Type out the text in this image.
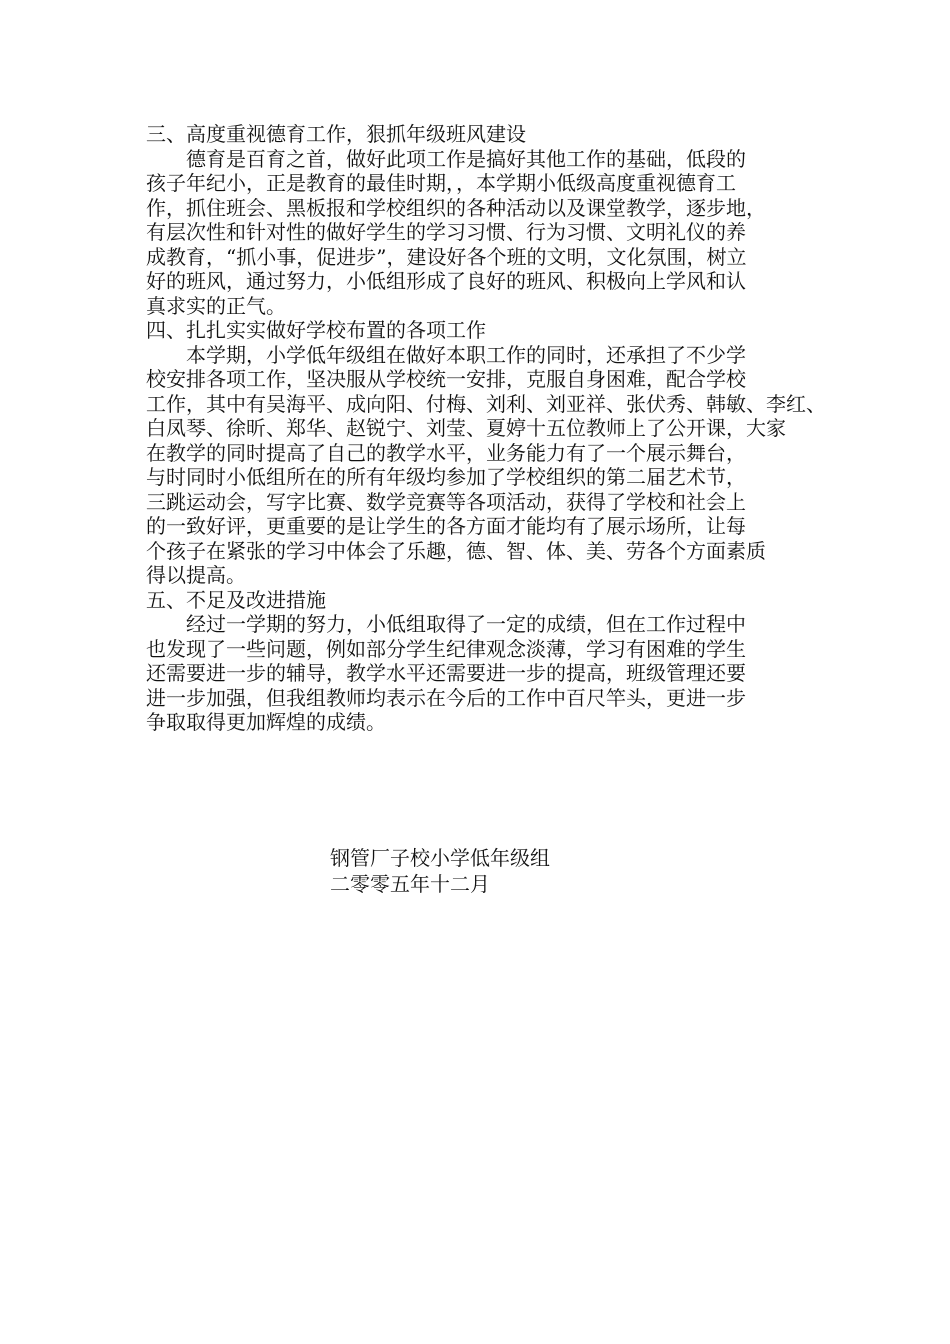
三、高度重视德育工作，狠抓年级班风建设
德育是百育之首，做好此项工作是搞好其他工作的基础，低段的
孩子年纪小，正是教育的最佳时期，，本学期小低级高度重视德育工
作，抓住班会、黑板报和学校组织的各种活动以及课堂教学，逐步地，
有层次性和针对性的做好学生的学习习惯、行为习惯、文明礼仪的养
成教育，“抓小事，促进步”，建设好各个班的文明，文化氛围，树立
好的班风，通过努力，小低组形成了良好的班风、积极向上学风和认
真求实的正气。
四、扎扎实实做好学校布置的各项工作
本学期，小学低年级组在做好本职工作的同时，还承担了不少学
校安排各项工作，坚决服从学校统一安排，克服自身困难，配合学校
工作，其中有吴海平、成向阳、付梅、刘利、刘亚祥、张伏秀、韩敏、李红、
白凤琴、徐昕、郑华、赵锐宁、刘莹、夏婷十五位教师上了公开课，大家
在教学的同时提高了自己的教学水平，业务能力有了一个展示舞台，
与时同时小低组所在的所有年级均参加了学校组织的第二届艺术节，
三跳运动会，写字比赛、数学竞赛等各项活动，获得了学校和社会上
的一致好评，更重要的是让学生的各方面才能均有了展示场所，让每
个孩子在紧张的学习中体会了乐趣，德、智、体、美、劳各个方面素质
得以提高。
五、不足及改进措施
经过一学期的努力，小低组取得了一定的成绩，但在工作过程中
也发现了一些问题，例如部分学生纪律观念淡薄，学习有困难的学生
还需要进一步的辅导，教学水平还需要进一步的提高，班级管理还要
进一步加强，但我组教师均表示在今后的工作中百尺竿头，更进一步
争取取得更加辉煌的成绩。
钢管厂子校小学低年级组
二零零五年十二月
